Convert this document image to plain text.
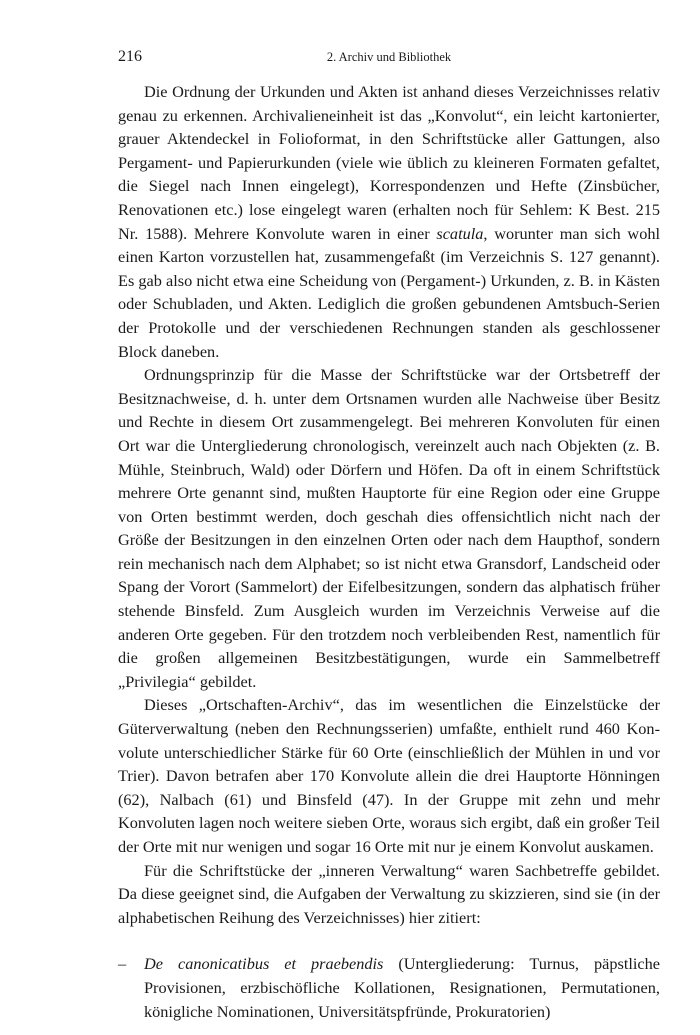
216	2. Archiv und Bibliothek

Die Ordnung der Urkunden und Akten ist anhand dieses Verzeichnisses relativ genau zu erkennen. Archivalieneinheit ist das „Konvolut“, ein leicht kartonierter, grauer Aktendeckel in Folioformat, in den Schriftstücke aller Gattungen, also Pergament- und Papierurkunden (viele wie üblich zu kleineren Formaten gefaltet, die Siegel nach Innen eingelegt), Korrespondenzen und Hefte (Zinsbücher, Renovationen etc.) lose eingelegt waren (erhalten noch für Sehlem: K Best. 215 Nr. 1588). Mehrere Konvolute waren in einer scatula, worunter man sich wohl einen Karton vorzustellen hat, zusammengefaßt (im Verzeichnis S. 127 genannt). Es gab also nicht etwa eine Scheidung von (Pergament-) Urkunden, z. B. in Kästen oder Schubladen, und Akten. Lediglich die großen gebundenen Amtsbuch-Serien der Protokolle und der verschiedenen Rechnungen standen als geschlossener Block daneben.

Ordnungsprinzip für die Masse der Schriftstücke war der Ortsbetreff der Besitznachweise, d. h. unter dem Ortsnamen wurden alle Nachweise über Besitz und Rechte in diesem Ort zusammengelegt. Bei mehreren Konvoluten für einen Ort war die Untergliederung chronologisch, vereinzelt auch nach Objekten (z. B. Mühle, Steinbruch, Wald) oder Dörfern und Höfen. Da oft in einem Schriftstück mehrere Orte genannt sind, mußten Hauptorte für eine Region oder eine Gruppe von Orten bestimmt werden, doch geschah dies offensichtlich nicht nach der Größe der Besitzungen in den einzelnen Orten oder nach dem Haupthof, sondern rein mechanisch nach dem Alphabet; so ist nicht etwa Gransdorf, Landscheid oder Spang der Vorort (Sammelort) der Eifelbesitzungen, sondern das alphatisch früher stehende Binsfeld. Zum Ausgleich wurden im Verzeichnis Verweise auf die anderen Orte gegeben. Für den trotzdem noch verbleibenden Rest, namentlich für die großen allgemeinen Besitzbestätigungen, wurde ein Sammelbetreff „Privilegia“ gebildet.

Dieses „Ortschaften-Archiv“, das im wesentlichen die Einzelstücke der Güterverwaltung (neben den Rechnungsserien) umfaßte, enthielt rund 460 Konvolute unterschiedlicher Stärke für 60 Orte (einschließlich der Mühlen in und vor Trier). Davon betrafen aber 170 Konvolute allein die drei Hauptorte Hönningen (62), Nalbach (61) und Binsfeld (47). In der Gruppe mit zehn und mehr Konvoluten lagen noch weitere sieben Orte, woraus sich ergibt, daß ein großer Teil der Orte mit nur wenigen und sogar 16 Orte mit nur je einem Konvolut auskamen.

Für die Schriftstücke der „inneren Verwaltung“ waren Sachbetreffe gebildet. Da diese geeignet sind, die Aufgaben der Verwaltung zu skizzieren, sind sie (in der alphabetischen Reihung des Verzeichnisses) hier zitiert:

– De canonicatibus et praebendis (Untergliederung: Turnus, päpstliche Provisionen, erzbischöfliche Kollationen, Resignationen, Permutationen, königliche Nominationen, Universitätspfründe, Prokuratorien)
